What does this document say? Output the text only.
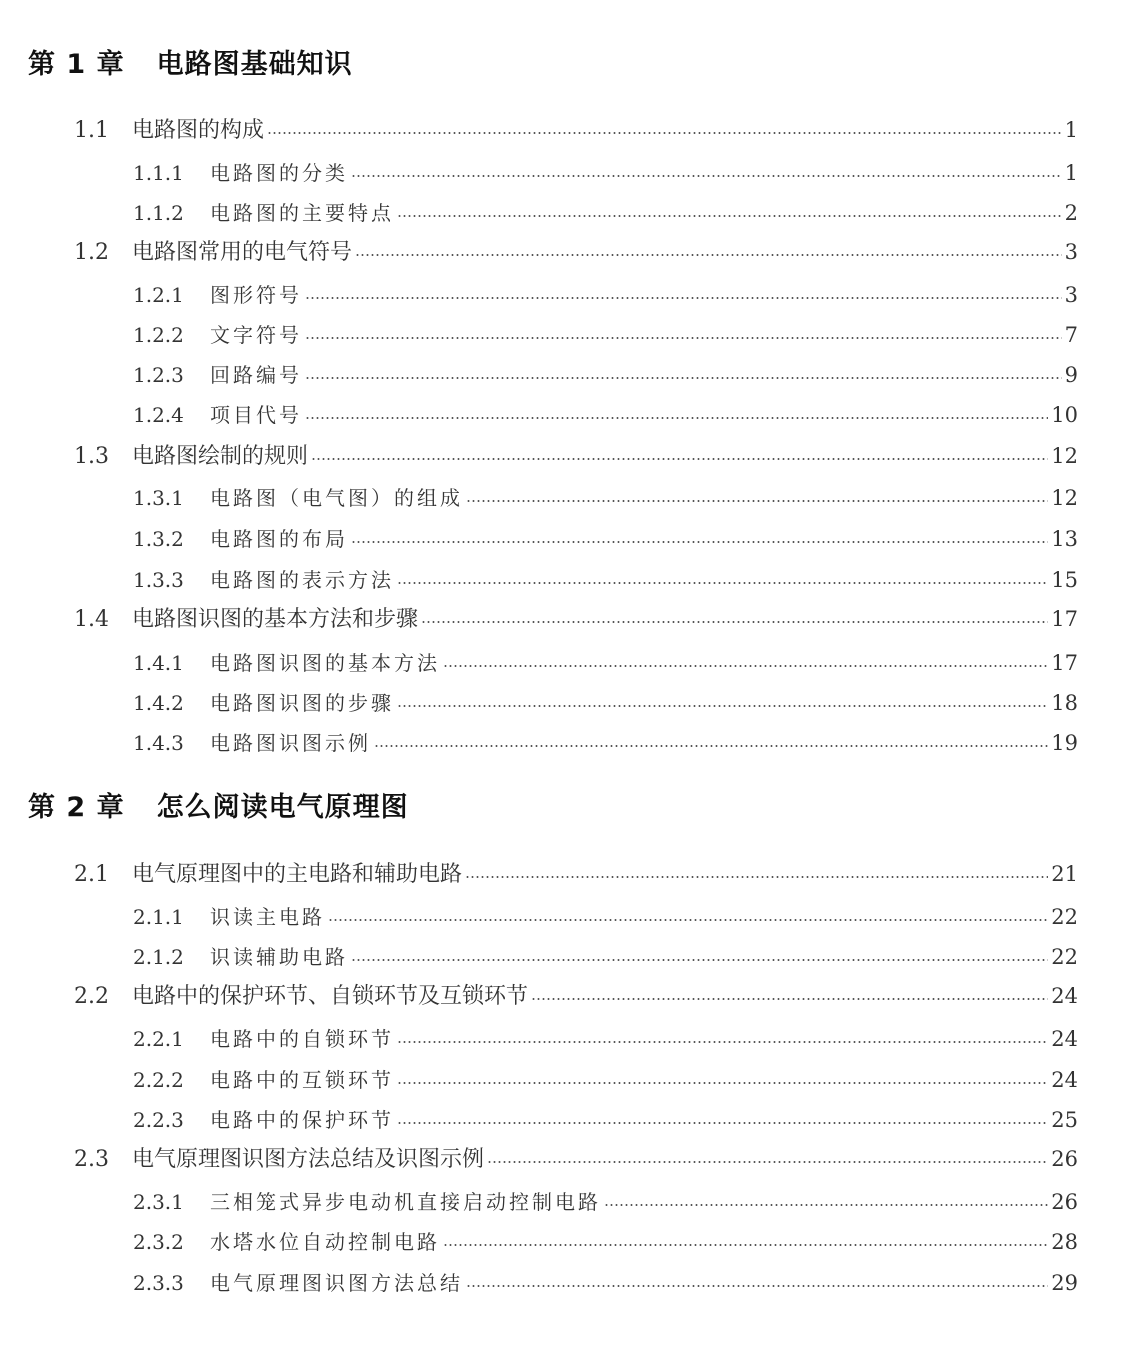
第 1 章 电路图基础知识
1.1	电路图的构成	1
1.1.1	电路图的分类	1
1.1.2	电路图的主要特点	2
1.2	电路图常用的电气符号	3
1.2.1	图形符号	3
1.2.2	文字符号	7
1.2.3	回路编号	9
1.2.4	项目代号	10
1.3	电路图绘制的规则	12
1.3.1	电路图（电气图）的组成	12
1.3.2	电路图的布局	13
1.3.3	电路图的表示方法	15
1.4	电路图识图的基本方法和步骤	17
1.4.1	电路图识图的基本方法	17
1.4.2	电路图识图的步骤	18
1.4.3	电路图识图示例	19
第 2 章 怎么阅读电气原理图
2.1	电气原理图中的主电路和辅助电路	21
2.1.1	识读主电路	22
2.1.2	识读辅助电路	22
2.2	电路中的保护环节、自锁环节及互锁环节	24
2.2.1	电路中的自锁环节	24
2.2.2	电路中的互锁环节	24
2.2.3	电路中的保护环节	25
2.3	电气原理图识图方法总结及识图示例	26
2.3.1	三相笼式异步电动机直接启动控制电路	26
2.3.2	水塔水位自动控制电路	28
2.3.3	电气原理图识图方法总结	29
